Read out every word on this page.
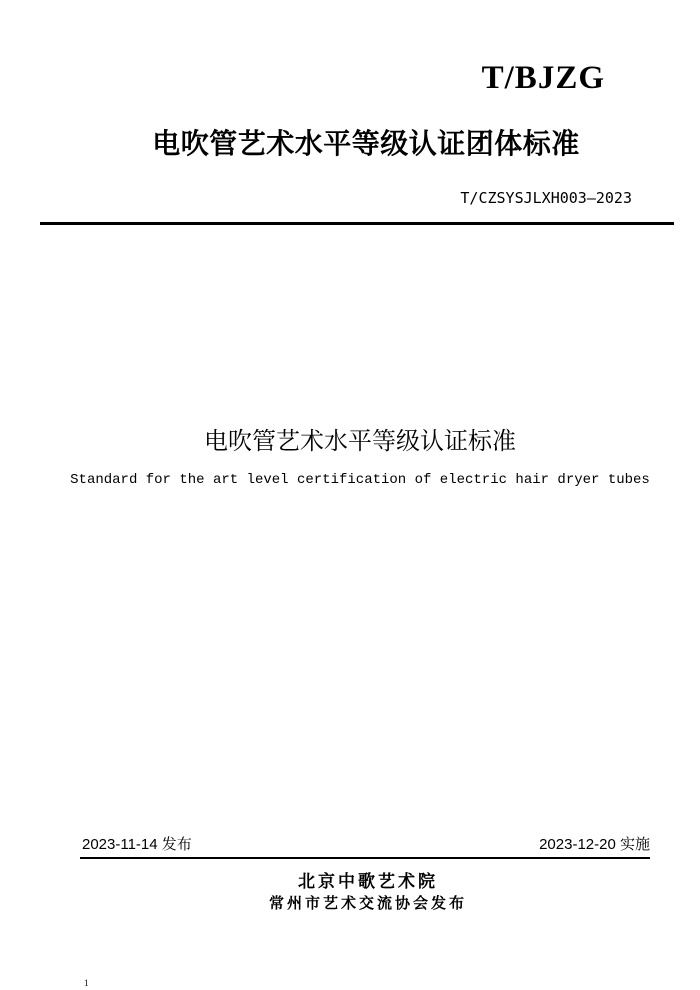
T/BJZG
电吹管艺术水平等级认证团体标准
T/CZSYSJLXH003—2023
电吹管艺术水平等级认证标准
Standard for the art level certification of electric hair dryer tubes
2023-11-14 发布	2023-12-20 实施
北京中歌艺术院
常州市艺术交流协会发布
1
